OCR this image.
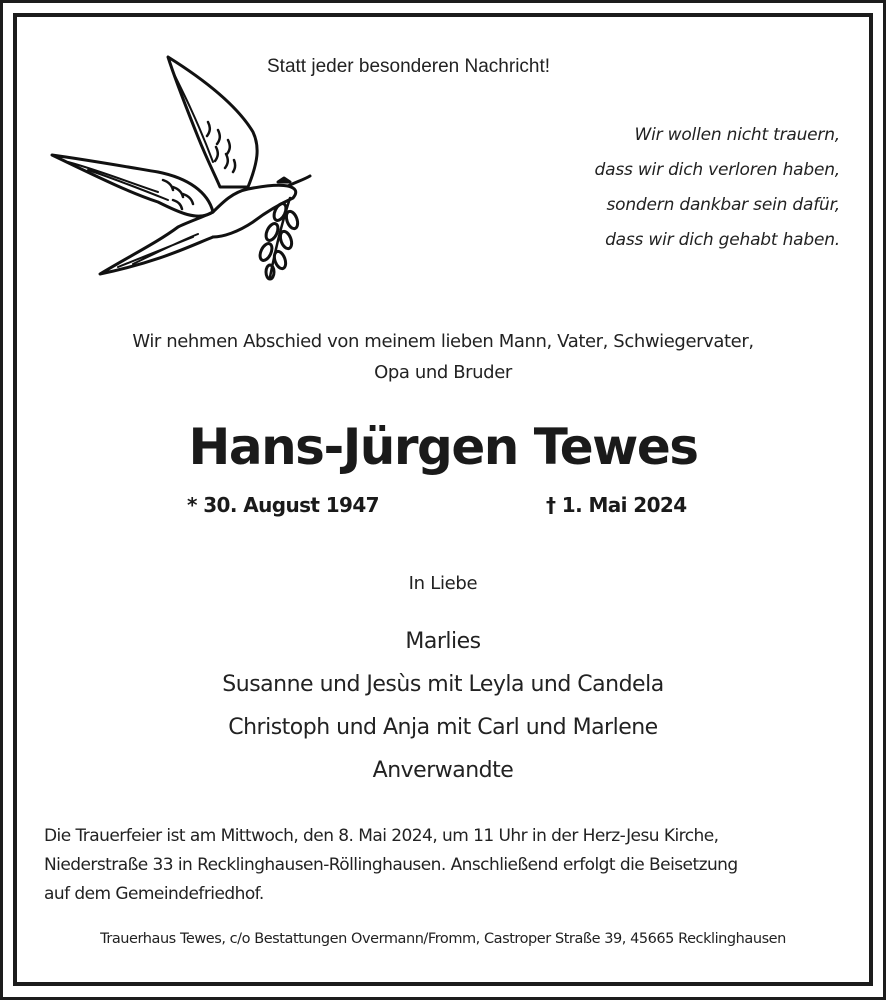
Statt jeder besonderen Nachricht!
Wir wollen nicht trauern,
dass wir dich verloren haben,
sondern dankbar sein dafür,
dass wir dich gehabt haben.
Wir nehmen Abschied von meinem lieben Mann, Vater, Schwiegervater,
Opa und Bruder
Hans-Jürgen Tewes
* 30. August 1947	† 1. Mai 2024
In Liebe
Marlies
Susanne und Jesùs mit Leyla und Candela
Christoph und Anja mit Carl und Marlene
Anverwandte
Die Trauerfeier ist am Mittwoch, den 8. Mai 2024, um 11 Uhr in der Herz-Jesu Kirche,
Niederstraße 33 in Recklinghausen-Röllinghausen. Anschließend erfolgt die Beisetzung
auf dem Gemeindefriedhof.
Trauerhaus Tewes, c/o Bestattungen Overmann/Fromm, Castroper Straße 39, 45665 Recklinghausen
